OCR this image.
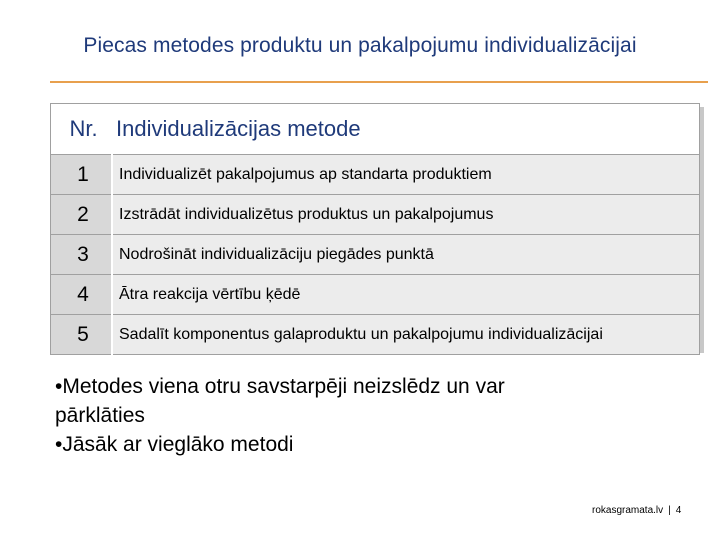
Piecas metodes produktu un pakalpojumu individualizācijai
Nr.	Individualizācijas metode
1	Individualizēt pakalpojumus ap standarta produktiem
2	Izstrādāt individualizētus produktus un pakalpojumus
3	Nodrošināt individualizāciju piegādes punktā
4	Ātra reakcija vērtību ķēdē
5	Sadalīt komponentus galaproduktu un pakalpojumu individualizācijai
•Metodes viena otru savstarpēji neizslēdz un var
pārklāties
•Jāsāk ar vieglāko metodi
rokasgramata.lv | 4
